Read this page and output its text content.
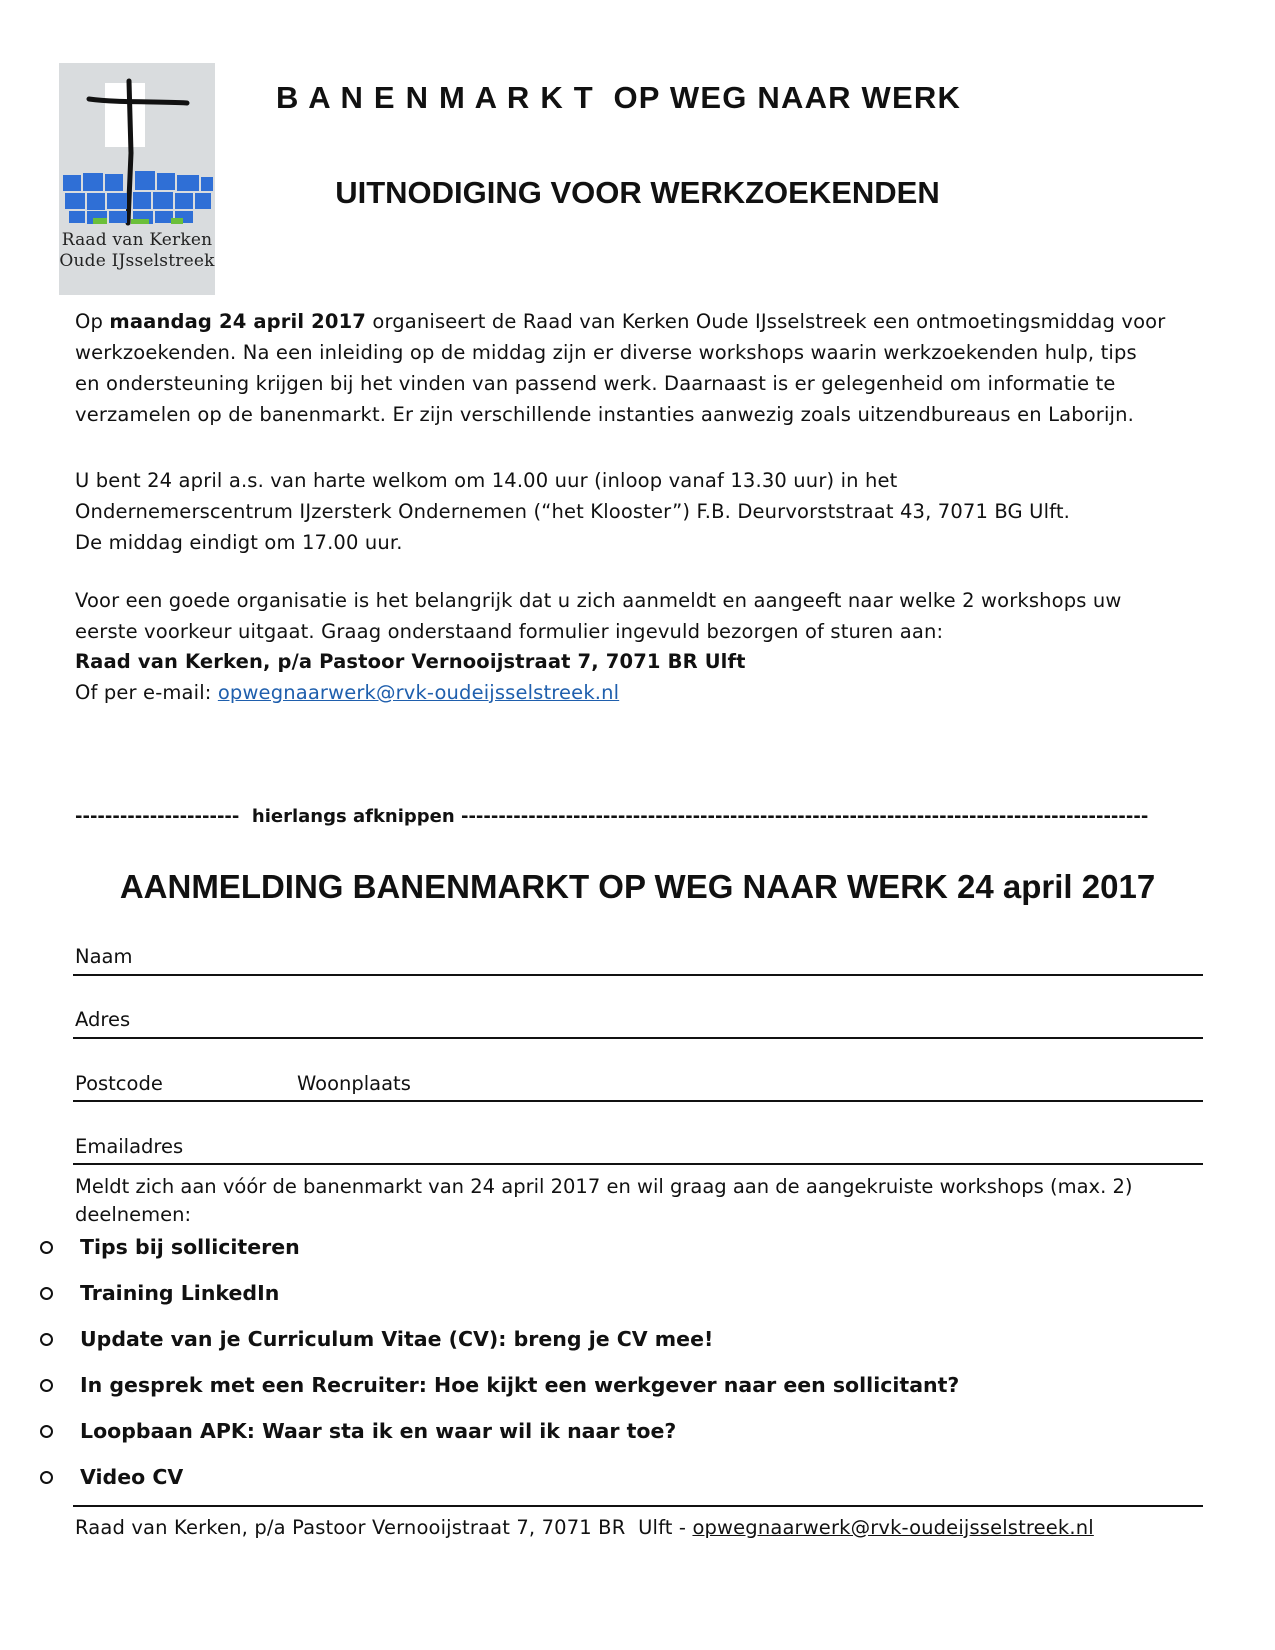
Raad van Kerken
Oude IJsselstreek
B A N E N M A R K T  OP WEG NAAR WERK
UITNODIGING VOOR WERKZOEKENDEN
Op maandag 24 april 2017 organiseert de Raad van Kerken Oude IJsselstreek een ontmoetingsmiddag voor
werkzoekenden. Na een inleiding op de middag zijn er diverse workshops waarin werkzoekenden hulp, tips
en ondersteuning krijgen bij het vinden van passend werk. Daarnaast is er gelegenheid om informatie te
verzamelen op de banenmarkt. Er zijn verschillende instanties aanwezig zoals uitzendbureaus en Laborijn.
U bent 24 april a.s. van harte welkom om 14.00 uur (inloop vanaf 13.30 uur) in het
Ondernemerscentrum IJzersterk Ondernemen (“het Klooster”) F.B. Deurvorststraat 43, 7071 BG Ulft.
De middag eindigt om 17.00 uur.
Voor een goede organisatie is het belangrijk dat u zich aanmeldt en aangeeft naar welke 2 workshops uw
eerste voorkeur uitgaat. Graag onderstaand formulier ingevuld bezorgen of sturen aan:
Raad van Kerken, p/a Pastoor Vernooijstraat 7, 7071 BR Ulft
Of per e-mail: opwegnaarwerk@rvk-oudeijsselstreek.nl
---------------------- hierlangs afknippen --------------------------------------------------------------------------------------------
AANMELDING BANENMARKT OP WEG NAAR WERK 24 april 2017
Naam
Adres
Postcode	Woonplaats
Emailadres
Meldt zich aan vóór de banenmarkt van 24 april 2017 en wil graag aan de aangekruiste workshops (max. 2)
deelnemen:
Tips bij solliciteren
Training LinkedIn
Update van je Curriculum Vitae (CV): breng je CV mee!
In gesprek met een Recruiter: Hoe kijkt een werkgever naar een sollicitant?
Loopbaan APK: Waar sta ik en waar wil ik naar toe?
Video CV
Raad van Kerken, p/a Pastoor Vernooijstraat 7, 7071 BR  Ulft - opwegnaarwerk@rvk-oudeijsselstreek.nl
